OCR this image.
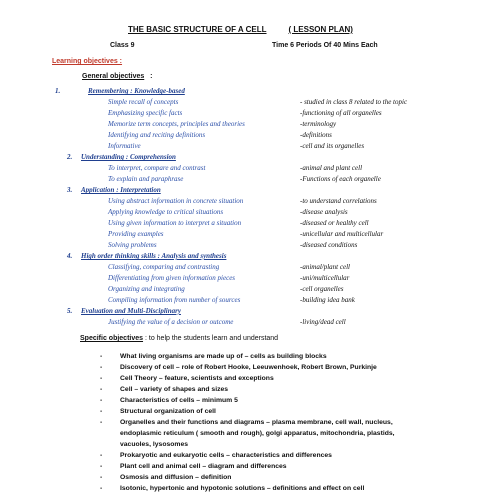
THE BASIC STRUCTURE OF A CELL	( LESSON PLAN)
Class 9	Time 6 Periods Of 40 Mins Each
Learning objectives :
General objectives :
1.	Remembering : Knowledge-based
Simple recall of concepts	- studied in class 8 related to the topic
Emphasizing specific facts	-functioning of all organelles
Memorize term concepts, principles and theories	-terminology
Identifying and reciting definitions	-definitions
Informative	-cell and its organelles
2. Understanding : Comprehension
To interpret, compare and contrast	-animal and plant cell
To explain and paraphrase	-Functions of each organelle
3. Application : Interpretation
Using abstract information in concrete situation	-to understand correlations
Applying knowledge to critical situations	-disease analysis
Using given information to interpret a situation	-diseased or healthy cell
Providing examples	-unicellular and multicellular
Solving problems	-diseased conditions
4. High order thinking skills : Analysis and synthesis
Classifying, comparing and contrasting	-animal/plant cell
Differentiating from given information pieces	-uni/multicellular
Organizing and integrating	-cell organelles
Compiling information from number of sources	-building idea bank
5. Evaluation and Multi-Disciplinary
Justifying the value of a decision or outcome	-living/dead cell
Specific objectives : to help the students learn and understand
-	What living organisms are made up of – cells as building blocks
-	Discovery of cell – role of Robert Hooke, Leeuwenhoek, Robert Brown, Purkinje
-	Cell Theory – feature, scientists and exceptions
-	Cell – variety of shapes and sizes
-	Characteristics of cells – minimum 5
-	Structural organization of cell
-	Organelles and their functions and diagrams – plasma membrane, cell wall, nucleus,
endoplasmic reticulum ( smooth and rough), golgi apparatus, mitochondria, plastids,
vacuoles, lysosomes
-	Prokaryotic and eukaryotic cells – characteristics and differences
-	Plant cell and animal cell – diagram and differences
-	Osmosis and diffusion – definition
-	Isotonic, hypertonic and hypotonic solutions – definitions and effect on cell
